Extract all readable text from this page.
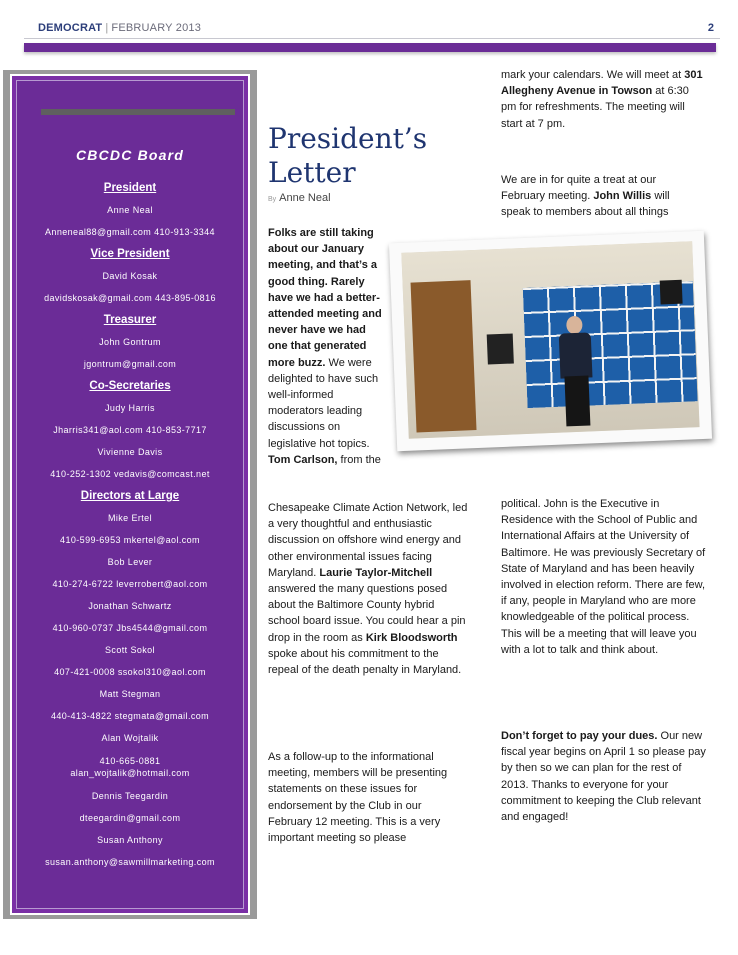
DEMOCRAT | FEBRUARY 2013	2
CBCDC Board
President
Anne Neal
Anneneal88@gmail.com 410-913-3344
Vice President
David Kosak
davidskosak@gmail.com 443-895-0816
Treasurer
John Gontrum
jgontrum@gmail.com
Co-Secretaries
Judy Harris
Jharris341@aol.com 410-853-7717
Vivienne Davis
410-252-1302 vedavis@comcast.net
Directors at Large
Mike Ertel
410-599-6953 mkertel@aol.com
Bob Lever
410-274-6722 leverrobert@aol.com
Jonathan Schwartz
410-960-0737 Jbs4544@gmail.com
Scott Sokol
407-421-0008 ssokol310@aol.com
Matt Stegman
440-413-4822 stegmata@gmail.com
Alan Wojtalik
410-665-0881
alan_wojtalik@hotmail.com
Dennis Teegardin
dteegardin@gmail.com
Susan Anthony
susan.anthony@sawmillmarketing.com
President’s
Letter
By Anne Neal
Folks are still taking about our January meeting, and that’s a good thing. Rarely have we had a better-attended meeting and never have we had one that generated more buzz. We were delighted to have such well-informed moderators leading discussions on legislative hot topics. Tom Carlson, from the
Chesapeake Climate Action Network, led a very thoughtful and enthusiastic discussion on offshore wind energy and other environmental issues facing Maryland. Laurie Taylor-Mitchell answered the many questions posed about the Baltimore County hybrid school board issue. You could hear a pin drop in the room as Kirk Bloodsworth spoke about his commitment to the repeal of the death penalty in Maryland.
As a follow-up to the informational meeting, members will be presenting statements on these issues for endorsement by the Club in our February 12 meeting. This is a very important meeting so please
mark your calendars. We will meet at 301 Allegheny Avenue in Towson at 6:30 pm for refreshments. The meeting will start at 7 pm.
We are in for quite a treat at our February meeting. John Willis will speak to members about all things
political. John is the Executive in Residence with the School of Public and International Affairs at the University of Baltimore. He was previously Secretary of State of Maryland and has been heavily involved in election reform. There are few, if any, people in Maryland who are more knowledgeable of the political process. This will be a meeting that will leave you with a lot to talk and think about.
Don’t forget to pay your dues. Our new fiscal year begins on April 1 so please pay by then so we can plan for the rest of 2013. Thanks to everyone for your commitment to keeping the Club relevant and engaged!
